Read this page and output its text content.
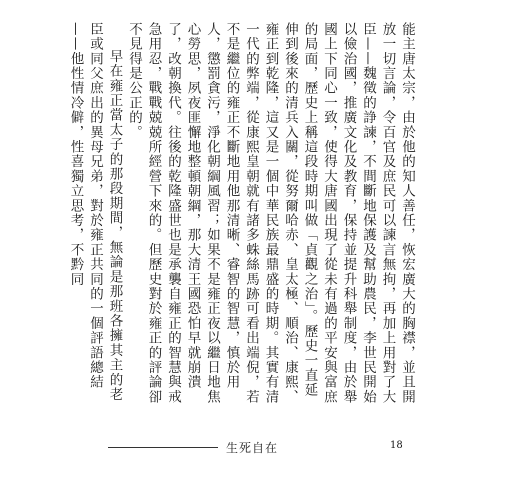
能主唐太宗，由於他的知人善任，恢宏廣大的胸襟，並且開放一切言論，令百官及庶民可以諫言無拘，再加上用對了大臣——魏徵的諍諫，不間斷地保護及幫助農民，李世民開始以儉治國，推廣文化及教育，保持並提升科舉制度，由於舉國上下同心一致，使得大唐國出現了從未有過的平安與富庶的局面，歷史上稱這段時期叫做「貞觀之治」。歷史一直延伸到後來的清兵入關，從努爾哈赤、皇太極、順治、康熙、雍正到乾隆，這又是一個中華民族最鼎盛的時期。其實有清一代的弊端，從康熙皇朝就有諸多蛛絲馬跡可看出端倪，若不是繼位的雍正不斷地用他那清晰、睿智的智慧，慎於用人，懲罰貪污，淨化朝綱風習；如果不是雍正夜以繼日地焦心勞思，夙夜匪懈地整頓朝綱，那大清王國恐怕早就崩潰了，改朝換代。往後的乾隆盛世也是承襲自雍正的智慧與戒急用忍，戰戰兢兢所經營下來的。但歷史對於雍正的評論卻不見得是公正的。

早在雍正當太子的那段期間，無論是那班各擁其主的老臣或同父庶出的異母兄弟，對於雍正共同的一個評語總結——他性情冷僻，性喜獨立思考，不黔同

生死自在	18
